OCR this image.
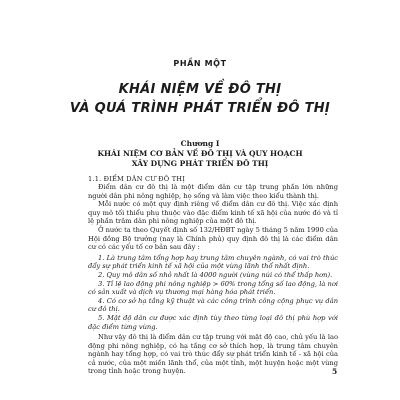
PHẦN MỘT
KHÁI NIỆM VỀ ĐÔ THỊ
VÀ QUÁ TRÌNH PHÁT TRIỂN ĐÔ THỊ
Chương I
KHÁI NIỆM CƠ BẢN VỀ ĐÔ THỊ VÀ QUY HOẠCH
XÂY DỰNG PHÁT TRIỂN ĐÔ THỊ
1.1. ĐIỂM DÂN CƯ ĐÔ THỊ

Điểm dân cư đô thị là một điểm dân cư tập trung phần lớn những người dân phi nông nghiệp, họ sống và làm việc theo kiểu thành thị.

Mỗi nước có một quy định riêng về điểm dân cư đô thị. Việc xác định quy mô tối thiểu phụ thuộc vào đặc điểm kinh tế xã hội của nước đó và tỉ lệ phần trăm dân phi nông nghiệp của một đô thị.

Ở nước ta theo Quyết định số 132/HĐBT ngày 5 tháng 5 năm 1990 của Hội đồng Bộ trưởng (nay là Chính phủ) quy định đô thị là các điểm dân cư có các yếu tố cơ bản sau đây :

1. Là trung tâm tổng hợp hay trung tâm chuyên ngành, có vai trò thúc đẩy sự phát triển kinh tế xã hội của một vùng lãnh thổ nhất định.

2. Quy mô dân số nhỏ nhất là 4000 người (vùng núi có thể thấp hơn).

3. Tỉ lệ lao động phi nông nghiệp > 60% trong tổng số lao động, là nơi có sản xuất và dịch vụ thương mại hàng hóa phát triển.

4. Có cơ sở hạ tầng kỹ thuật và các công trình công cộng phục vụ dân cư đô thị.

5. Mật độ dân cư được xác định tùy theo từng loại đô thị phù hợp với đặc điểm từng vùng.

Như vậy đô thị là điểm dân cư tập trung với mật độ cao, chủ yếu là lao động phi nông nghiệp, có hạ tầng cơ sở thích hợp, là trung tâm chuyên ngành hay tổng hợp, có vai trò thúc đẩy sự phát triển kinh tế - xã hội của cả nước, của một miền lãnh thổ, của một tỉnh, một huyện hoặc một vùng trong tỉnh hoặc trong huyện.	5
